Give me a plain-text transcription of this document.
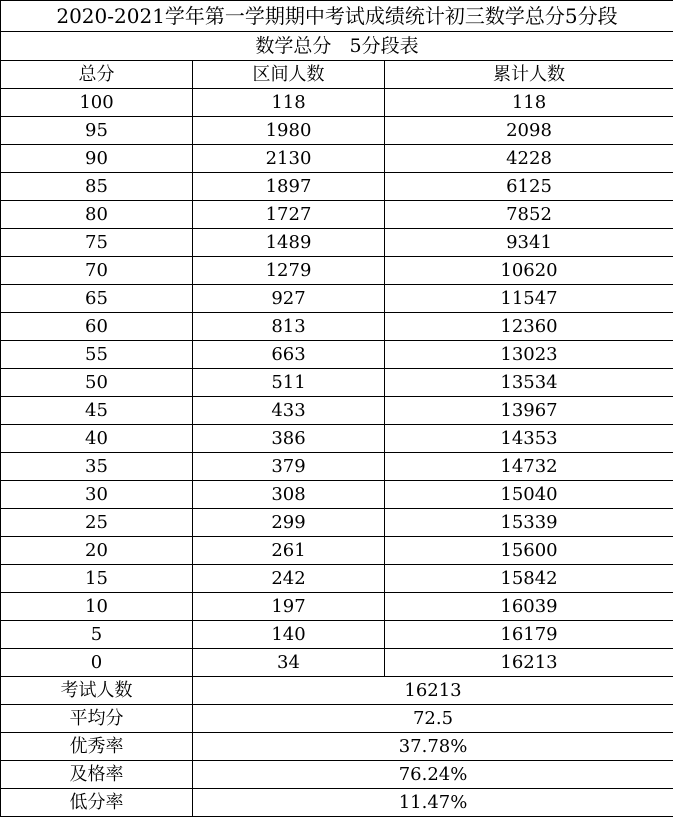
2020-2021学年第一学期期中考试成绩统计初三数学总分5分段		
数学总分   5分段表		
总分	区间人数	累计人数
100	118	118
95	1980	2098
90	2130	4228
85	1897	6125
80	1727	7852
75	1489	9341
70	1279	10620
65	927	11547
60	813	12360
55	663	13023
50	511	13534
45	433	13967
40	386	14353
35	379	14732
30	308	15040
25	299	15339
20	261	15600
15	242	15842
10	197	16039
5	140	16179
0	34	16213
考试人数	16213	
平均分	72.5	
优秀率	37.78%	
及格率	76.24%	
低分率	11.47%	
